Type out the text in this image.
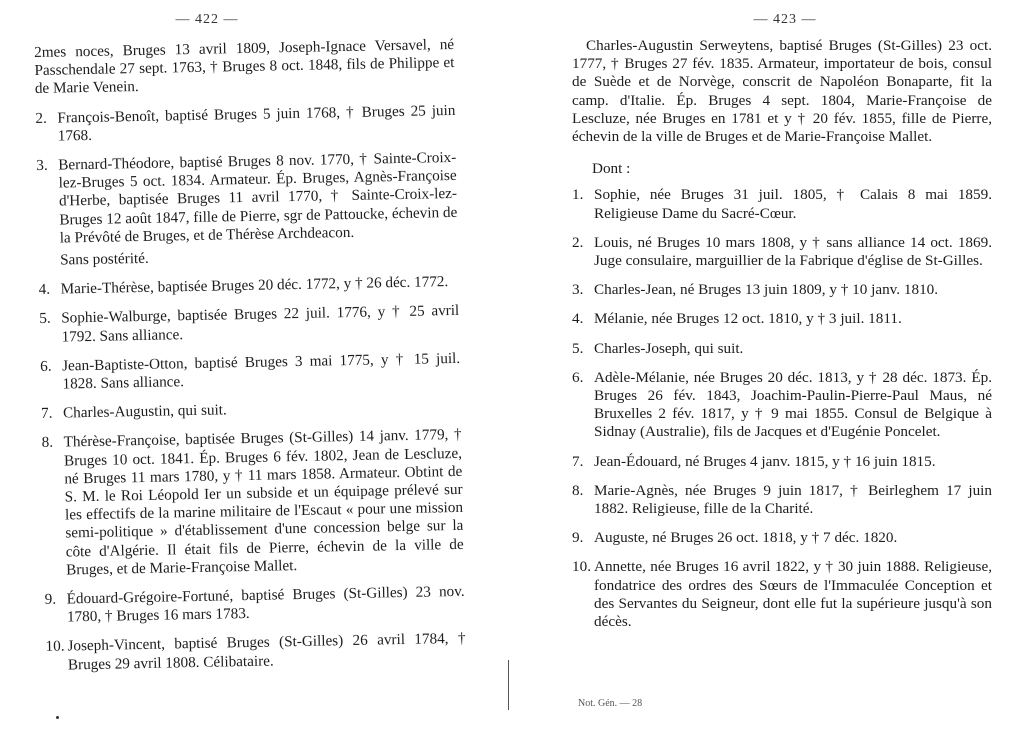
— 422 —

2mes noces, Bruges 13 avril 1809, Joseph-Ignace Versavel, né Passchendale 27 sept. 1763, † Bruges 8 oct. 1848, fils de Philippe et de Marie Venein.

2. François-Benoît, baptisé Bruges 5 juin 1768, † Bruges 25 juin 1768.

3. Bernard-Théodore, baptisé Bruges 8 nov. 1770, † Sainte-Croix-lez-Bruges 5 oct. 1834. Armateur. Ép. Bruges, Agnès-Françoise d'Herbe, baptisée Bruges 11 avril 1770, † Sainte-Croix-lez-Bruges 12 août 1847, fille de Pierre, sgr de Pattoucke, échevin de la Prévôté de Bruges, et de Thérèse Archdeacon.

Sans postérité.

4. Marie-Thérèse, baptisée Bruges 20 déc. 1772, y † 26 déc. 1772.

5. Sophie-Walburge, baptisée Bruges 22 juil. 1776, y † 25 avril 1792. Sans alliance.

6. Jean-Baptiste-Otton, baptisé Bruges 3 mai 1775, y † 15 juil. 1828. Sans alliance.

7. Charles-Augustin, qui suit.

8. Thérèse-Françoise, baptisée Bruges (St-Gilles) 14 janv. 1779, † Bruges 10 oct. 1841. Ép. Bruges 6 fév. 1802, Jean de Lescluze, né Bruges 11 mars 1780, y † 11 mars 1858. Armateur. Obtint de S. M. le Roi Léopold Ier un subside et un équipage prélevé sur les effectifs de la marine militaire de l'Escaut « pour une mission semi-politique » d'établissement d'une concession belge sur la côte d'Algérie. Il était fils de Pierre, échevin de la ville de Bruges, et de Marie-Françoise Mallet.

9. Édouard-Grégoire-Fortuné, baptisé Bruges (St-Gilles) 23 nov. 1780, † Bruges 16 mars 1783.

10. Joseph-Vincent, baptisé Bruges (St-Gilles) 26 avril 1784, † Bruges 29 avril 1808. Célibataire.

— 423 —

Charles-Augustin Serweytens, baptisé Bruges (St-Gilles) 23 oct. 1777, † Bruges 27 fév. 1835. Armateur, importateur de bois, consul de Suède et de Norvège, conscrit de Napoléon Bonaparte, fit la camp. d'Italie. Ép. Bruges 4 sept. 1804, Marie-Françoise de Lescluze, née Bruges en 1781 et y † 20 fév. 1855, fille de Pierre, échevin de la ville de Bruges et de Marie-Françoise Mallet.

Dont :

1. Sophie, née Bruges 31 juil. 1805, † Calais 8 mai 1859. Religieuse Dame du Sacré-Cœur.

2. Louis, né Bruges 10 mars 1808, y † sans alliance 14 oct. 1869. Juge consulaire, marguillier de la Fabrique d'église de St-Gilles.

3. Charles-Jean, né Bruges 13 juin 1809, y † 10 janv. 1810.

4. Mélanie, née Bruges 12 oct. 1810, y † 3 juil. 1811.

5. Charles-Joseph, qui suit.

6. Adèle-Mélanie, née Bruges 20 déc. 1813, y † 28 déc. 1873. Ép. Bruges 26 fév. 1843, Joachim-Paulin-Pierre-Paul Maus, né Bruxelles 2 fév. 1817, y † 9 mai 1855. Consul de Belgique à Sidnay (Australie), fils de Jacques et d'Eugénie Poncelet.

7. Jean-Édouard, né Bruges 4 janv. 1815, y † 16 juin 1815.

8. Marie-Agnès, née Bruges 9 juin 1817, † Beirleghem 17 juin 1882. Religieuse, fille de la Charité.

9. Auguste, né Bruges 26 oct. 1818, y † 7 déc. 1820.

10. Annette, née Bruges 16 avril 1822, y † 30 juin 1888. Religieuse, fondatrice des ordres des Sœurs de l'Immaculée Conception et des Servantes du Seigneur, dont elle fut la supérieure jusqu'à son décès.

Not. Gén. — 28
